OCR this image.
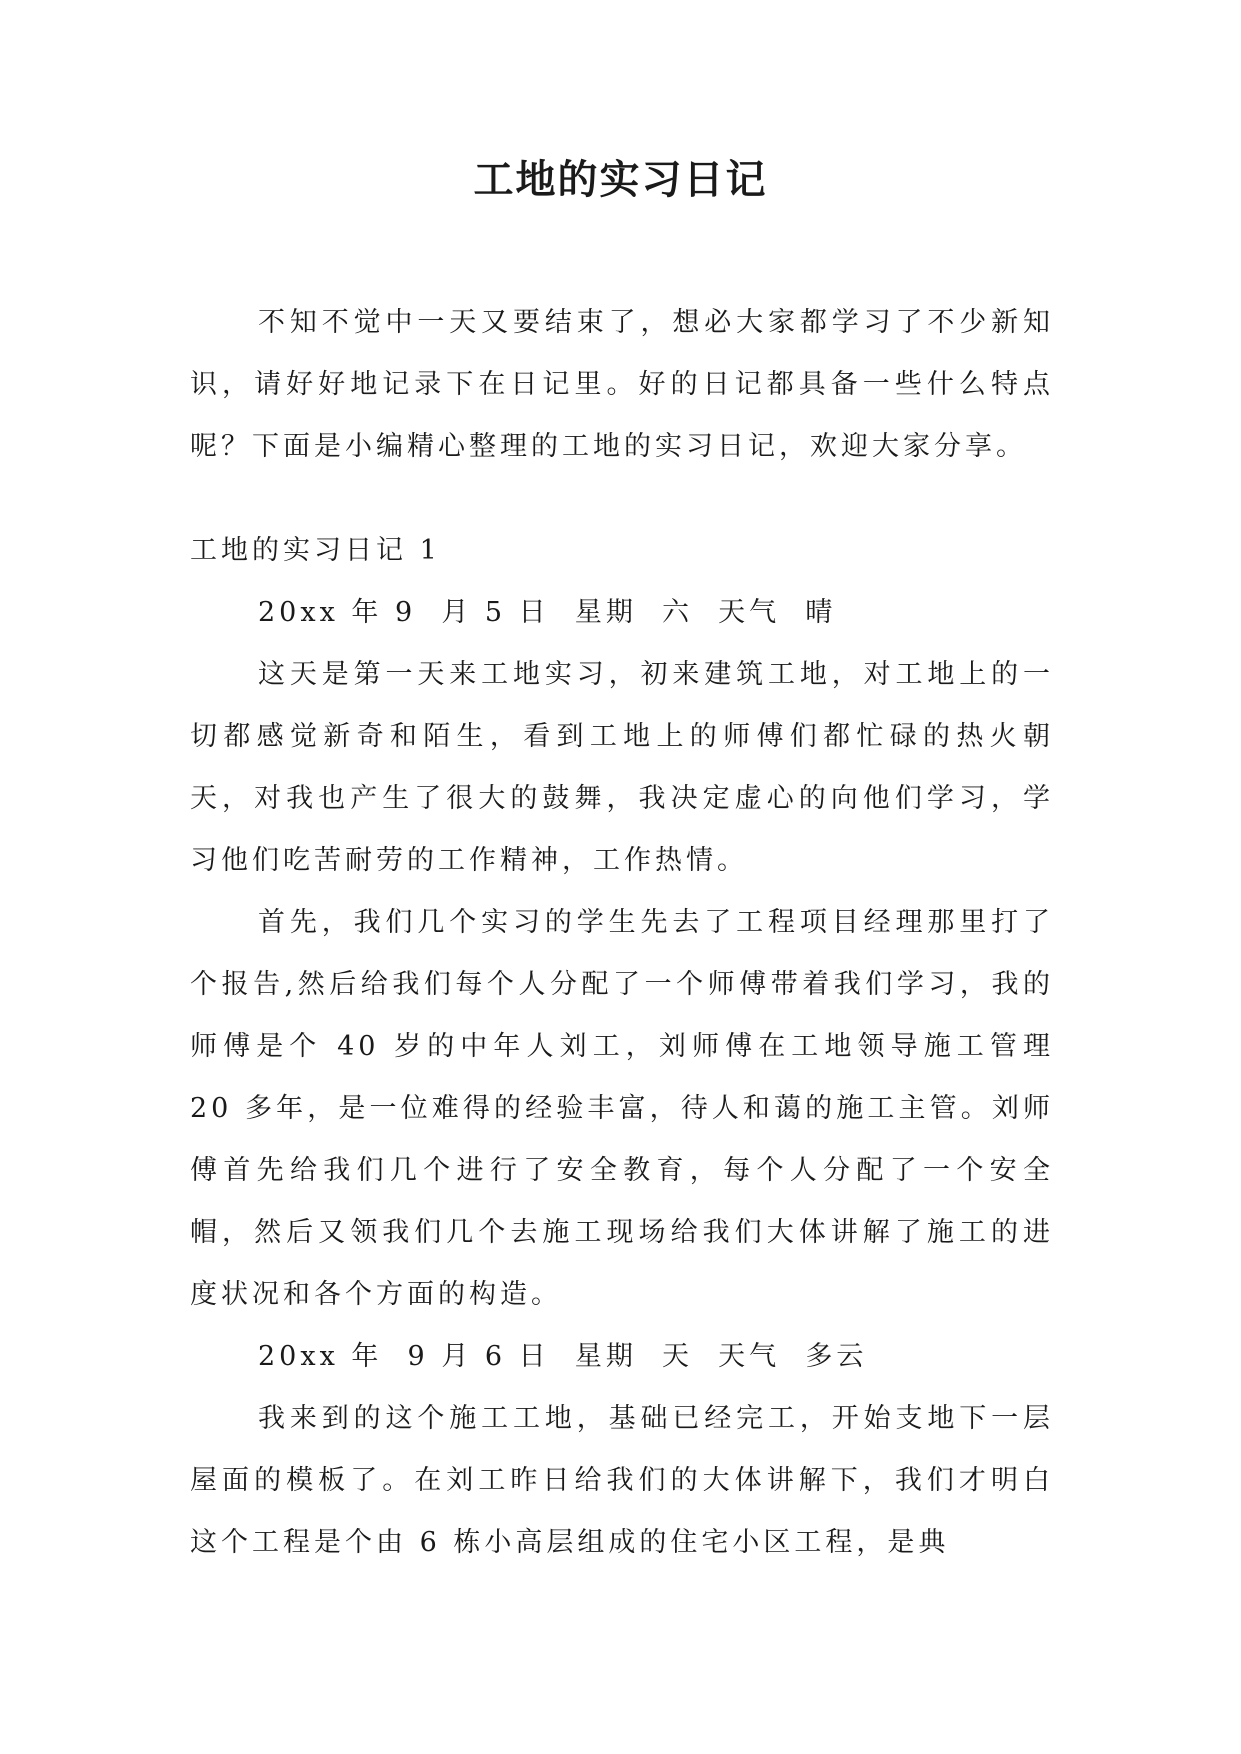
工地的实习日记

不知不觉中一天又要结束了，想必大家都学习了不少新知识，请好好地记录下在日记里。好的日记都具备一些什么特点呢？下面是小编精心整理的工地的实习日记，欢迎大家分享。

工地的实习日记 1

20xx 年 9  月 5 日  星期  六  天气  晴

这天是第一天来工地实习，初来建筑工地，对工地上的一切都感觉新奇和陌生，看到工地上的师傅们都忙碌的热火朝天，对我也产生了很大的鼓舞，我决定虚心的向他们学习，学习他们吃苦耐劳的工作精神，工作热情。

首先，我们几个实习的学生先去了工程项目经理那里打了个报告,然后给我们每个人分配了一个师傅带着我们学习，我的师傅是个 40 岁的中年人刘工，刘师傅在工地领导施工管理 20 多年，是一位难得的经验丰富，待人和蔼的施工主管。刘师傅首先给我们几个进行了安全教育，每个人分配了一个安全帽，然后又领我们几个去施工现场给我们大体讲解了施工的进度状况和各个方面的构造。

20xx 年  9 月 6 日  星期  天  天气  多云

我来到的这个施工工地，基础已经完工，开始支地下一层屋面的模板了。在刘工昨日给我们的大体讲解下，我们才明白这个工程是个由 6 栋小高层组成的住宅小区工程，是典
